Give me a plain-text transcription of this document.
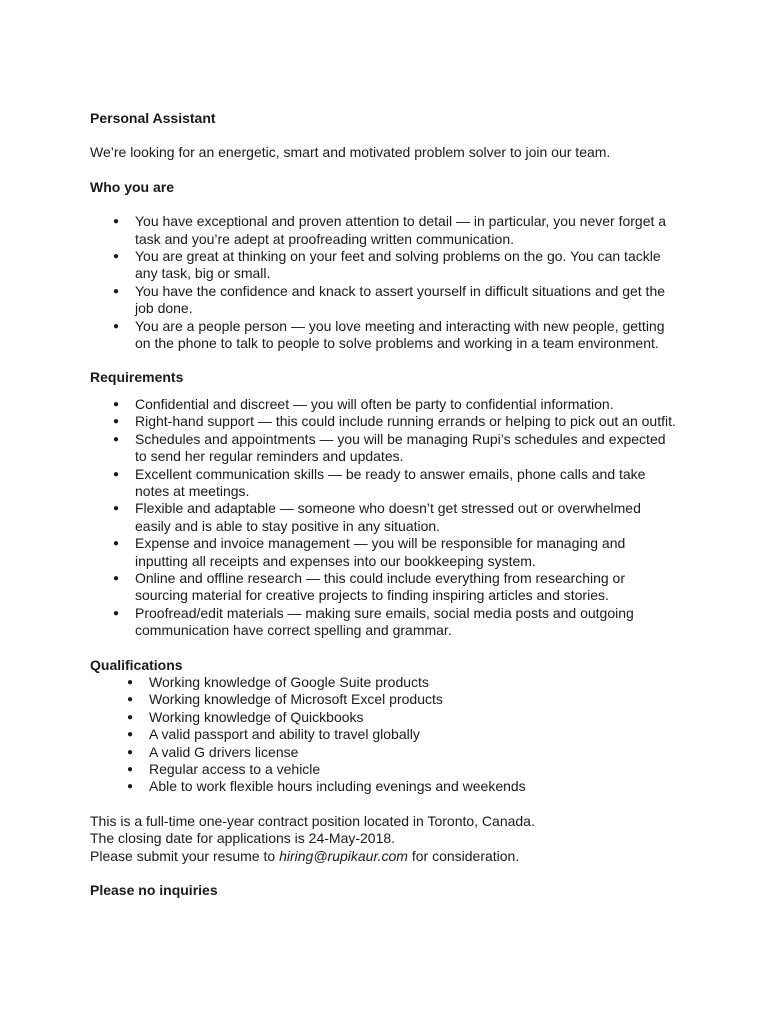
Personal Assistant

We’re looking for an energetic, smart and motivated problem solver to join our team.

Who you are

● You have exceptional and proven attention to detail — in particular, you never forget a task and you’re adept at proofreading written communication.
● You are great at thinking on your feet and solving problems on the go. You can tackle any task, big or small.
● You have the confidence and knack to assert yourself in difficult situations and get the job done.
● You are a people person — you love meeting and interacting with new people, getting on the phone to talk to people to solve problems and working in a team environment.

Requirements

● Confidential and discreet — you will often be party to confidential information.
● Right-hand support — this could include running errands or helping to pick out an outfit.
● Schedules and appointments — you will be managing Rupi’s schedules and expected to send her regular reminders and updates.
● Excellent communication skills — be ready to answer emails, phone calls and take notes at meetings.
● Flexible and adaptable — someone who doesn’t get stressed out or overwhelmed easily and is able to stay positive in any situation.
● Expense and invoice management — you will be responsible for managing and inputting all receipts and expenses into our bookkeeping system.
● Online and offline research — this could include everything from researching or sourcing material for creative projects to finding inspiring articles and stories.
● Proofread/edit materials — making sure emails, social media posts and outgoing communication have correct spelling and grammar.

Qualifications

● Working knowledge of Google Suite products
● Working knowledge of Microsoft Excel products
● Working knowledge of Quickbooks
● A valid passport and ability to travel globally
● A valid G drivers license
● Regular access to a vehicle
● Able to work flexible hours including evenings and weekends

This is a full-time one-year contract position located in Toronto, Canada.

The closing date for applications is 24-May-2018.

Please submit your resume to hiring@rupikaur.com for consideration.

Please no inquiries
